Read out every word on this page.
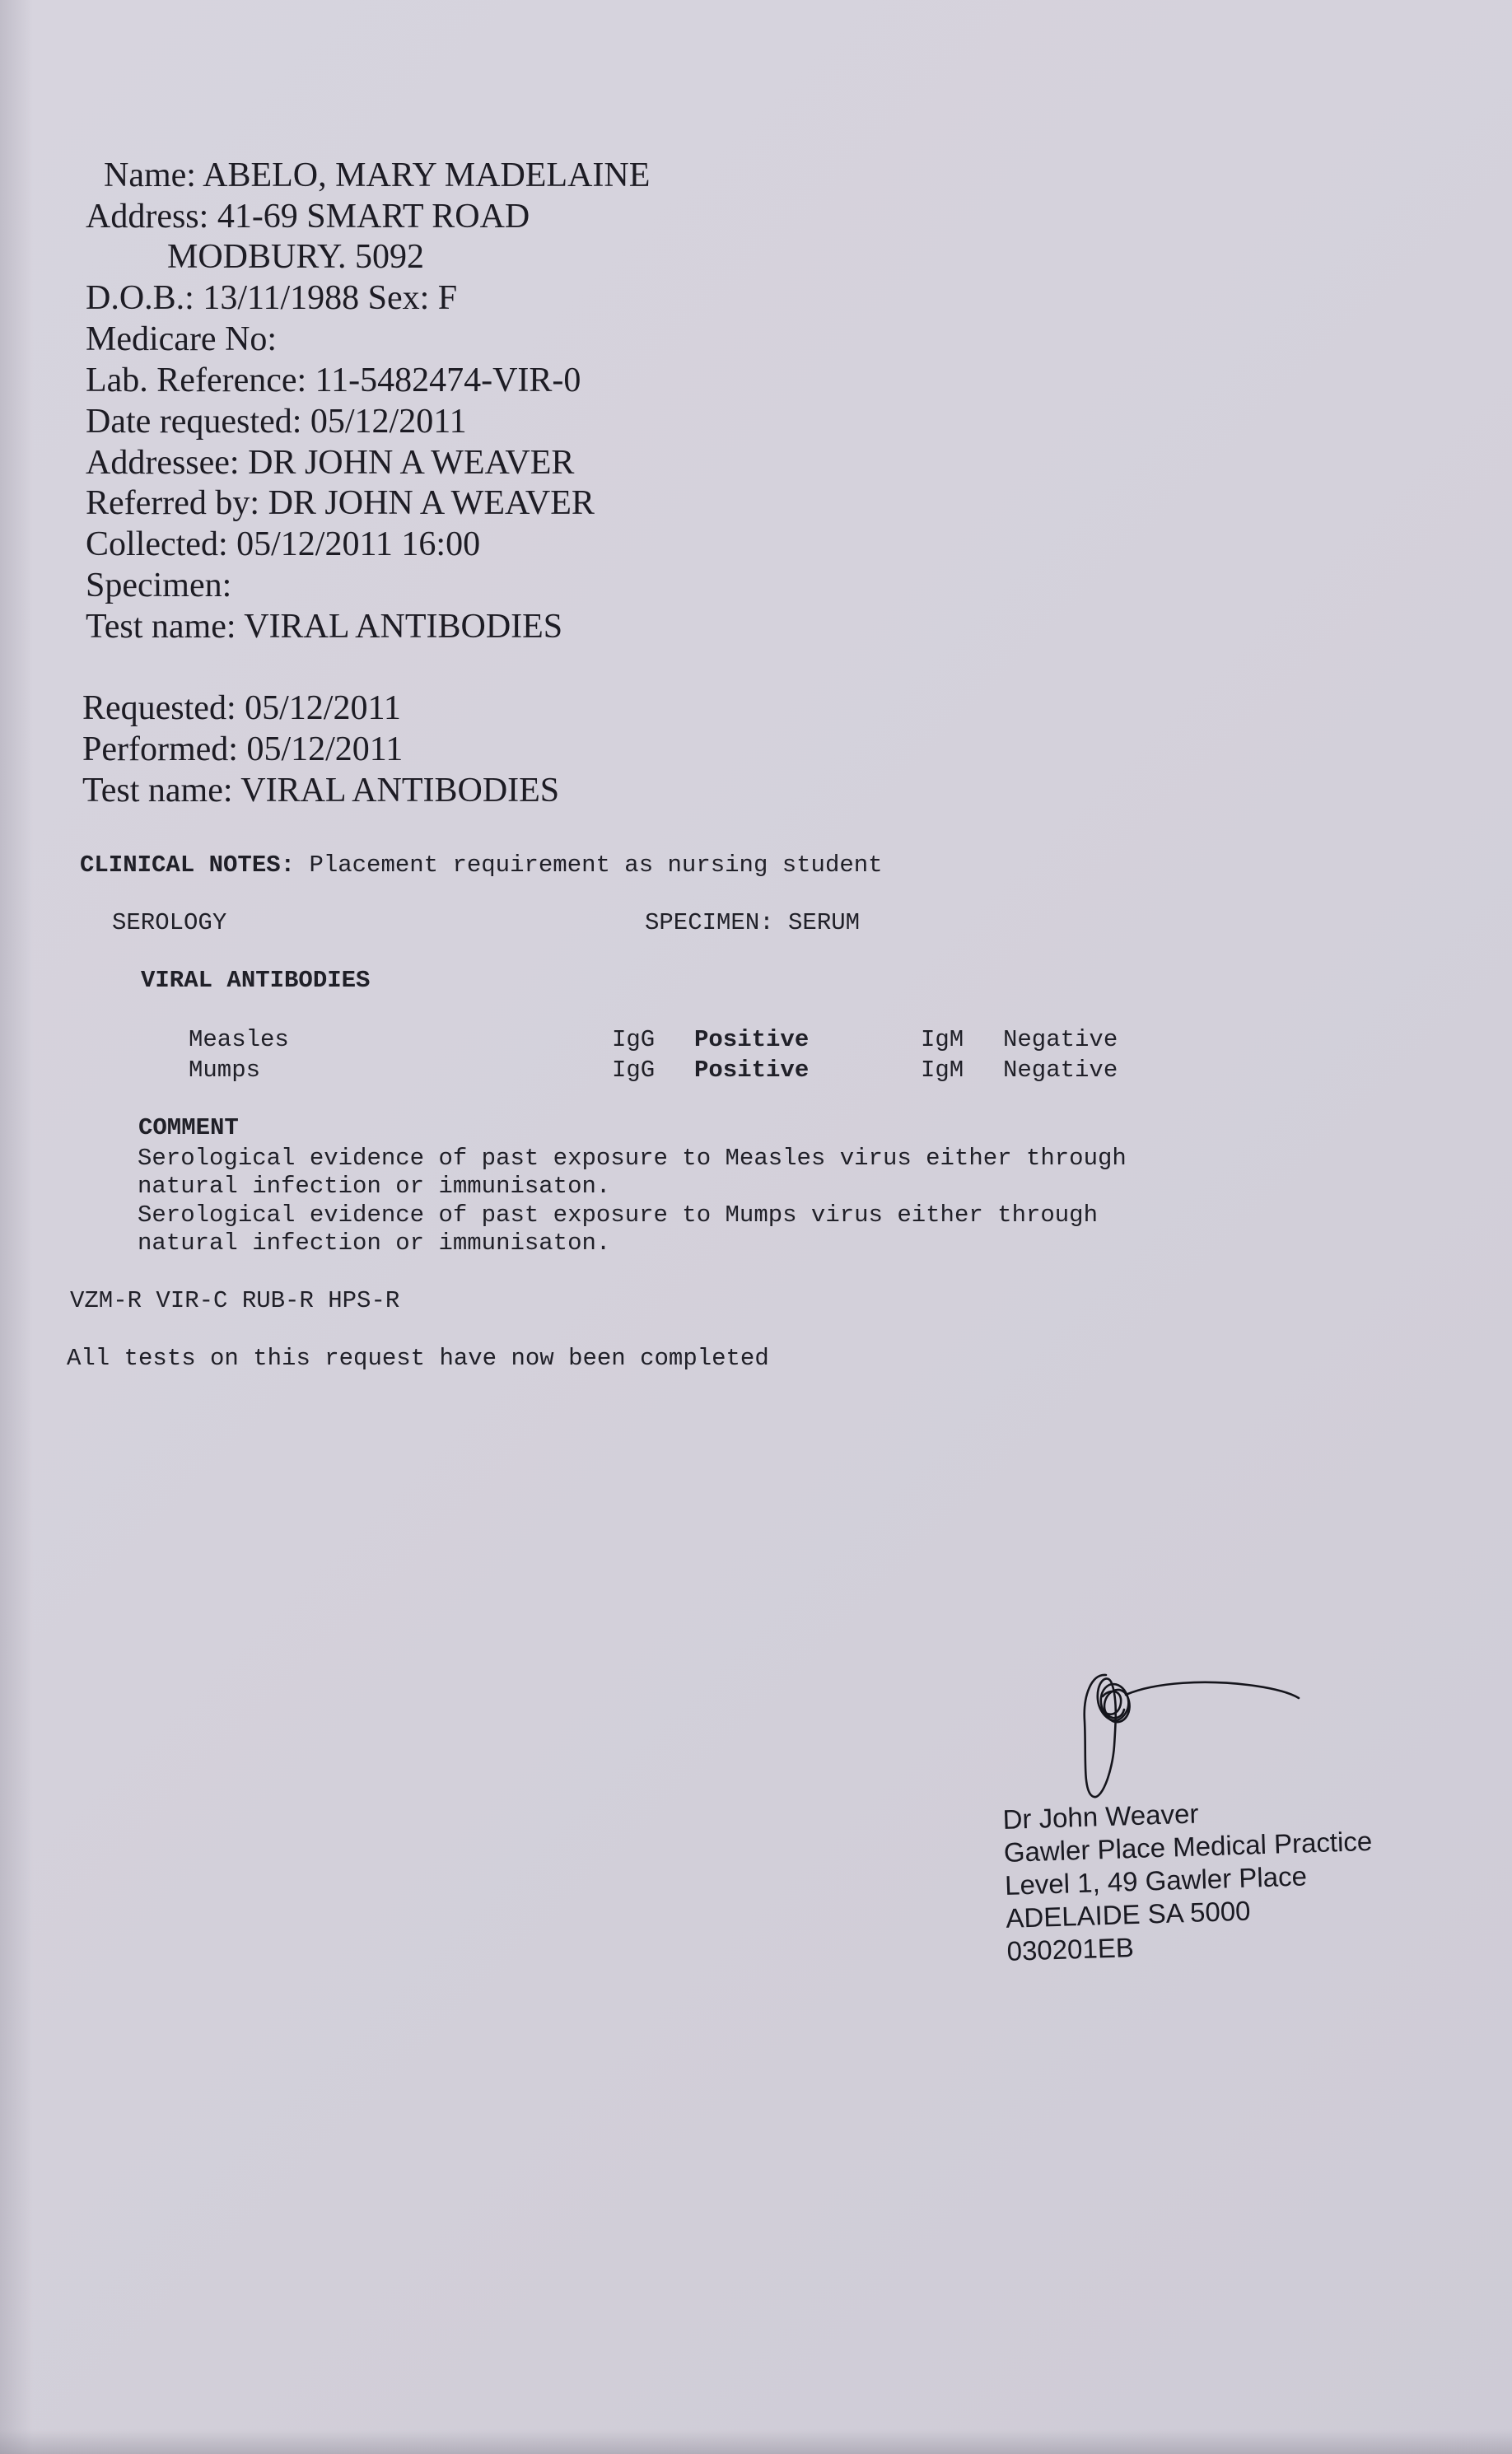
Name: ABELO, MARY MADELAINE
Address: 41-69 SMART ROAD
MODBURY. 5092
D.O.B.: 13/11/1988 Sex: F
Medicare No:
Lab. Reference: 11-5482474-VIR-0
Date requested: 05/12/2011
Addressee: DR JOHN A WEAVER
Referred by: DR JOHN A WEAVER
Collected: 05/12/2011 16:00
Specimen:
Test name: VIRAL ANTIBODIES
Requested: 05/12/2011
Performed: 05/12/2011
Test name: VIRAL ANTIBODIES
CLINICAL NOTES: Placement requirement as nursing student
SEROLOGY	SPECIMEN: SERUM
VIRAL ANTIBODIES
Measles	IgG Positive	IgM Negative
Mumps	IgG Positive	IgM Negative
COMMENT
Serological evidence of past exposure to Measles virus either through
natural infection or immunisaton.
Serological evidence of past exposure to Mumps virus either through
natural infection or immunisaton.
VZM-R VIR-C RUB-R HPS-R
All tests on this request have now been completed
Dr John Weaver
Gawler Place Medical Practice
Level 1, 49 Gawler Place
ADELAIDE SA 5000
030201EB
